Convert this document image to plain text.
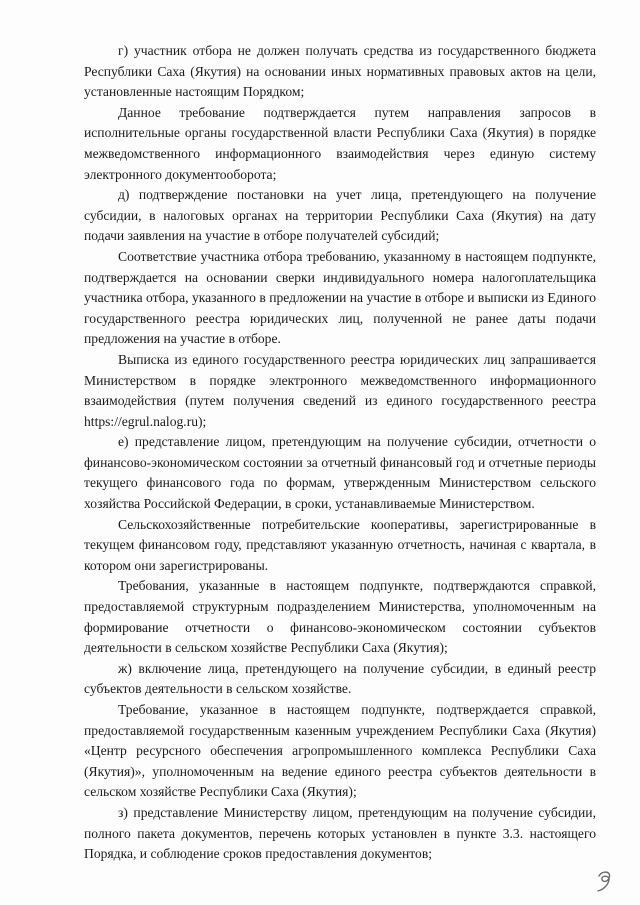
г) участник отбора не должен получать средства из государственного бюджета Республики Саха (Якутия) на основании иных нормативных правовых актов на цели, установленные настоящим Порядком;

Данное требование подтверждается путем направления запросов в исполнительные органы государственной власти Республики Саха (Якутия) в порядке межведомственного информационного взаимодействия через единую систему электронного документооборота;

д) подтверждение постановки на учет лица, претендующего на получение субсидии, в налоговых органах на территории Республики Саха (Якутия) на дату подачи заявления на участие в отборе получателей субсидий;

Соответствие участника отбора требованию, указанному в настоящем подпункте, подтверждается на основании сверки индивидуального номера налогоплательщика участника отбора, указанного в предложении на участие в отборе и выписки из Единого государственного реестра юридических лиц, полученной не ранее даты подачи предложения на участие в отборе.

Выписка из единого государственного реестра юридических лиц запрашивается Министерством в порядке электронного межведомственного информационного взаимодействия (путем получения сведений из единого государственного реестра https://egrul.nalog.ru);

е) представление лицом, претендующим на получение субсидии, отчетности о финансово-экономическом состоянии за отчетный финансовый год и отчетные периоды текущего финансового года по формам, утвержденным Министерством сельского хозяйства Российской Федерации, в сроки, устанавливаемые Министерством.

Сельскохозяйственные потребительские кооперативы, зарегистрированные в текущем финансовом году, представляют указанную отчетность, начиная с квартала, в котором они зарегистрированы.

Требования, указанные в настоящем подпункте, подтверждаются справкой, предоставляемой структурным подразделением Министерства, уполномоченным на формирование отчетности о финансово-экономическом состоянии субъектов деятельности в сельском хозяйстве Республики Саха (Якутия);

ж) включение лица, претендующего на получение субсидии, в единый реестр субъектов деятельности в сельском хозяйстве.

Требование, указанное в настоящем подпункте, подтверждается справкой, предоставляемой государственным казенным учреждением Республики Саха (Якутия) «Центр ресурсного обеспечения агропромышленного комплекса Республики Саха (Якутия)», уполномоченным на ведение единого реестра субъектов деятельности в сельском хозяйстве Республики Саха (Якутия);

з) представление Министерству лицом, претендующим на получение субсидии, полного пакета документов, перечень которых установлен в пункте 3.3. настоящего Порядка, и соблюдение сроков предоставления документов;
